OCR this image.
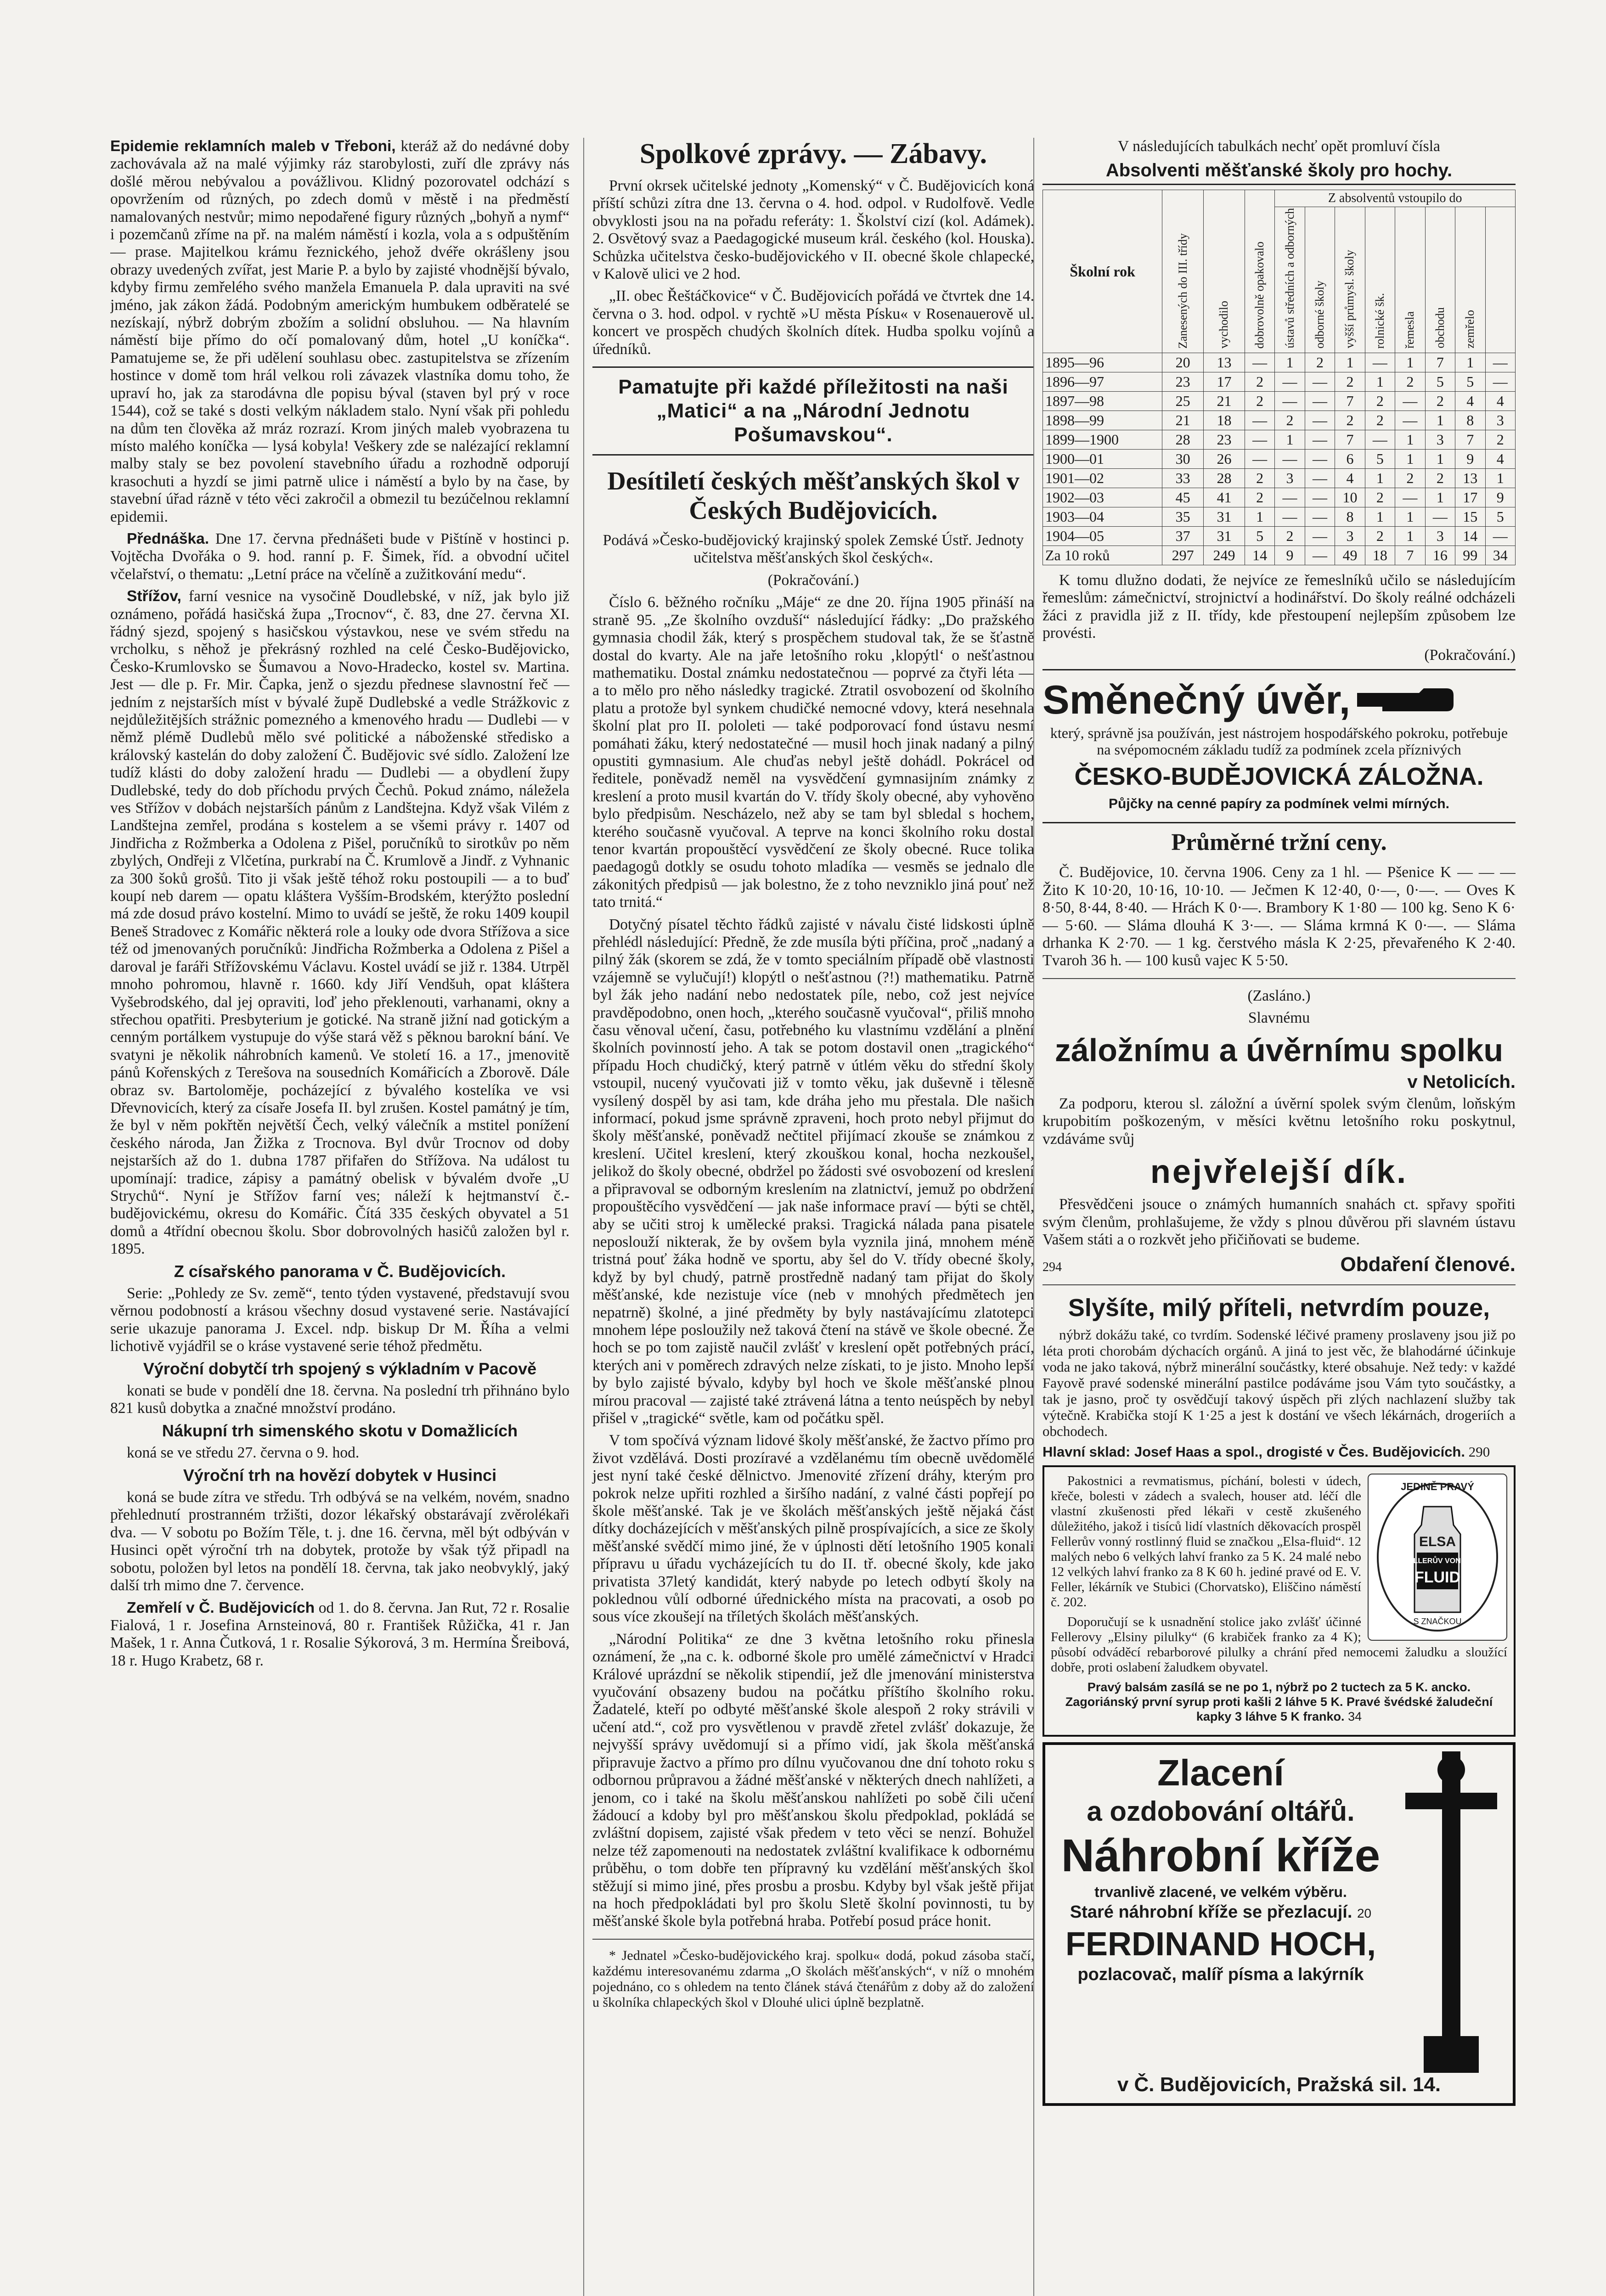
Epidemie reklamních maleb v Třeboni, kteráž až do nedávné doby zachovávala až na malé výjimky ráz starobylosti, zuří dle zprávy nás došlé měrou nebývalou a povážlivou. Klidný pozorovatel odchází s opovržením od různých, po zdech domů v městě i na předměstí namalovaných nestvůr; mimo nepodařené figury různých „bohyň a nymf“ i pozemčanů zříme na př. na malém náměstí i kozla, vola a s odpuštěním — prase. Majitelkou krámu řeznického, jehož dvéře okrášleny jsou obrazy uvedených zvířat, jest Marie P. a bylo by zajisté vhodnější bývalo, kdyby firmu zemřelého svého manžela Emanuela P. dala upraviti na své jméno, jak zákon žádá. Podobným americkým humbukem odběratelé se nezískají, nýbrž dobrým zbožím a solidní obsluhou. — Na hlavním náměstí bije přímo do očí pomalovaný dům, hotel „U koníčka“. Pamatujeme se, že při udělení souhlasu obec. zastupitelstva se zřízením hostince v domě tom hrál velkou roli závazek vlastníka domu toho, že upraví ho, jak za starodávna dle popisu býval (staven byl prý v roce 1544), což se také s dosti velkým nákladem stalo. Nyní však při pohledu na dům ten člověka až mráz rozrazí. Krom jiných maleb vyobrazena tu místo malého koníčka — lysá kobyla! Veškery zde se nalézající reklamní malby staly se bez povolení stavebního úřadu a rozhodně odporují krasochuti a hyzdí se jimi patrně ulice i náměstí a bylo by na čase, by stavební úřad rázně v této věci zakročil a obmezil tu bezúčelnou reklamní epidemii.

Přednáška. Dne 17. června přednášeti bude v Pištíně v hostinci p. Vojtěcha Dvořáka o 9. hod. ranní p. F. Šimek, říd. a obvodní učitel včelařství, o thematu: „Letní práce na včelíně a zužitkování medu“.

Střížov, farní vesnice na vysočině Doudlebské, v níž, jak bylo již oznámeno, pořádá hasičská župa „Trocnov“, č. 83, dne 27. června XI. řádný sjezd, spojený s hasičskou výstavkou, nese ve svém středu na vrcholku, s něhož je překrásný rozhled na celé Česko-Budějovicko, Česko-Krumlovsko se Šumavou a Novo-Hradecko, kostel sv. Martina. Jest — dle p. Fr. Mir. Čapka, jenž o sjezdu přednese slavnostní řeč — jedním z nejstarších míst v bývalé župě Dudlebské a vedle Strážkovic z nejdůležitějších strážnic pomezného a kmenového hradu — Dudlebi — v němž plémě Dudlebů mělo své politické a náboženské středisko a královský kastelán do doby založení Č. Budějovic své sídlo. Založení lze tudíž klásti do doby založení hradu — Dudlebi — a obydlení župy Dudlebské, tedy do dob příchodu prvých Čechů. Pokud známo, náležela ves Střížov v dobách nejstarších pánům z Landštejna. Když však Vilém z Landštejna zemřel, prodána s kostelem a se všemi právy r. 1407 od Jindřicha z Rožmberka a Odolena z Pišel, poručníků to sirotkův po něm zbylých, Ondřeji z Vlčetína, purkrabí na Č. Krumlově a Jindř. z Vyhnanic za 300 šoků grošů. Tito ji však ještě téhož roku postoupili — a to buď koupí neb darem — opatu kláštera Vyšším-Brodském, kterýžto poslední má zde dosud právo kostelní. Mimo to uvádí se ještě, že roku 1409 koupil Beneš Stradovec z Komářic některá role a louky ode dvora Střížova a sice též od jmenovaných poručníků: Jindřicha Rožmberka a Odolena z Pišel a daroval je faráři Střížovskému Václavu. Kostel uvádí se již r. 1384. Utrpěl mnoho pohromou, hlavně r. 1660. kdy Jiří Vendšuh, opat kláštera Vyšebrodského, dal jej opraviti, loď jeho překlenouti, varhanami, okny a střechou opatřiti. Presbyterium je gotické. Na straně jižní nad gotickým a cenným portálkem vystupuje do výše stará věž s pěknou barokní bání. Ve svatyni je několik náhrobních kamenů. Ve století 16. a 17., jmenovitě pánů Kořenských z Terešova na sousedních Komářicích a Zborově. Dále obraz sv. Bartoloměje, pocházející z bývalého kostelíka ve vsi Dřevnovicích, který za císaře Josefa II. byl zrušen. Kostel památný je tím, že byl v něm pokřtěn největší Čech, velký válečník a mstitel ponížení českého národa, Jan Žižka z Trocnova. Byl dvůr Trocnov od doby nejstarších až do 1. dubna 1787 přifařen do Střížova. Na událost tu upomínají: tradice, zápisy a památný obelisk v bývalém dvoře „U Strychů“. Nyní je Střížov farní ves; náleží k hejtmanství č.-budějovickému, okresu do Komářic. Čítá 335 českých obyvatel a 51 domů a 4třídní obecnou školu. Sbor dobrovolných hasičů založen byl r. 1895.

Z císařského panorama v Č. Budějovicích.

Serie: „Pohledy ze Sv. země“, tento týden vystavené, představují svou věrnou podobností a krásou všechny dosud vystavené serie. Nastávající serie ukazuje panorama J. Excel. ndp. biskup Dr M. Říha a velmi lichotivě vyjádřil se o kráse vystavené serie téhož předmětu.

Výroční dobytčí trh spojený s výkladním v Pacově

konati se bude v pondělí dne 18. června. Na poslední trh přihnáno bylo 821 kusů dobytka a značné množství prodáno.

Nákupní trh simenského skotu v Domažlicích

koná se ve středu 27. června o 9. hod.

Výroční trh na hovězí dobytek v Husinci

koná se bude zítra ve středu. Trh odbývá se na velkém, novém, snadno přehlednutí prostranném tržišti, dozor lékařský obstarávají zvěrolékaři dva. — V sobotu po Božím Těle, t. j. dne 16. června, měl být odbýván v Husinci opět výroční trh na dobytek, protože by však týž připadl na sobotu, položen byl letos na pondělí 18. června, tak jako neobvyklý, jaký další trh mimo dne 7. července.

Zemřelí v Č. Budějovicích od 1. do 8. června. Jan Rut, 72 r. Rosalie Fialová, 1 r. Josefina Arnsteinová, 80 r. František Růžička, 41 r. Jan Mašek, 1 r. Anna Čutková, 1 r. Rosalie Sýkorová, 3 m. Hermína Šreibová, 18 r. Hugo Krabetz, 68 r.

Spolkové zprávy. — Zábavy.

První okrsek učitelské jednoty „Komenský“ v Č. Budějovicích koná příští schůzi zítra dne 13. června o 4. hod. odpol. v Rudolfově. Vedle obvyklosti jsou na na pořadu referáty: 1. Školství cizí (kol. Adámek). 2. Osvětový svaz a Paedagogické museum král. českého (kol. Houska). Schůzka učitelstva česko-budějovického v II. obecné škole chlapecké, v Kalově ulici ve 2 hod.

„II. obec Řeštáčkovice“ v Č. Budějovicích pořádá ve čtvrtek dne 14. června o 3. hod. odpol. v rychtě »U města Písku« v Rosenauerově ul. koncert ve prospěch chudých školních dítek. Hudba spolku vojínů a úředníků.

Pamatujte při každé příležitosti na naši „Matici“ a na „Národní Jednotu Pošumavskou“.
Desítiletí českých měšťanských škol v Českých Budějovicích.

Podává »Česko-budějovický krajinský spolek Zemské Ústř. Jednoty učitelstva měšťanských škol českých«.

(Pokračování.)

Číslo 6. běžného ročníku „Máje“ ze dne 20. října 1905 přináší na straně 95. „Ze školního ovzduší“ následující řádky: „Do pražského gymnasia chodil žák, který s prospěchem studoval tak, že se šťastně dostal do kvarty. Ale na jaře letošního roku ‚klopýtl‘ o nešťastnou mathematiku. Dostal známku nedostatečnou — poprvé za čtyři léta — a to mělo pro něho následky tragické. Ztratil osvobození od školního platu a protože byl synkem chudičké nemocné vdovy, která nesehnala školní plat pro II. pololeti — také podporovací fond ústavu nesmí pomáhati žáku, který nedostatečné — musil hoch jinak nadaný a pilný opustiti gymnasium. Ale chuďas nebyl ještě dohádl. Pokrácel od ředitele, poněvadž neměl na vysvědčení gymnasijním známky z kreslení a proto musil kvartán do V. třídy školy obecné, aby vyhověno bylo předpisům. Nescházelo, než aby se tam byl sbledal s hochem, kterého současně vyučoval. A teprve na konci školního roku dostal tenor kvartán propouštěcí vysvědčení ze školy obecné. Ruce tolika paedagogů dotkly se osudu tohoto mladíka — vesměs se jednalo dle zákonitých předpisů — jak bolestno, že z toho nevzniklo jiná pouť než tato trnitá.“

Dotyčný písatel těchto řádků zajisté v návalu čisté lidskosti úplně přehlédl následující: Předně, že zde musíla býti příčina, proč „nadaný a pilný žák (skorem se zdá, že v tomto speciálním případě obě vlastnosti vzájemně se vylučují!) klopýtl o nešťastnou (?!) mathematiku. Patrně byl žák jeho nadání nebo nedostatek píle, nebo, což jest nejvíce pravděpodobno, onen hoch, „kterého současně vyučoval“, přiliš mnoho času věnoval učení, času, potřebného ku vlastnímu vzdělání a plnění školních povinností jeho. A tak se potom dostavil onen „tragického“ případu Hoch chudičký, který patrně v útlém věku do střední školy vstoupil, nucený vyučovati již v tomto věku, jak duševně i tělesně vysílený dospěl by asi tam, kde dráha jeho mu přestala. Dle našich informací, pokud jsme správně zpraveni, hoch proto nebyl přijmut do školy měšťanské, poněvadž nečtitel přijímací zkouše se známkou z kreslení. Učitel kreslení, který zkouškou konal, hocha nezkoušel, jelikož do školy obecné, obdržel po žádosti své osvobození od kreslení a připravoval se odborným kreslením na zlatnictví, jemuž po obdržení propouštěcího vysvědčení — jak naše informace praví — býti se chtěl, aby se učiti stroj k umělecké praksi. Tragická nálada pana pisatele neposlouží nikterak, že by ovšem byla vyznila jiná, mnohem méně tristná pouť žáka hodně ve sportu, aby šel do V. třídy obecné školy, když by byl chudý, patrně prostředně nadaný tam přijat do školy měšťanské, kde nezistuje více (neb v mnohých předmětech jen nepatrně) školné, a jiné předměty by byly nastávajícímu zlatotepci mnohem lépe posloužily než taková čtení na stávě ve škole obecné. Že hoch se po tom zajistě naučil zvlášť v kreslení opět potřebných prácí, kterých ani v poměrech zdravých nelze získati, to je jisto. Mnoho lepší by bylo zajisté bývalo, kdyby byl hoch ve škole měšťanské plnou mírou pracoval — zajisté také ztrávená látna a tento neúspěch by nebyl přišel v „tragické“ světle, kam od počátku spěl.

V tom spočívá význam lidové školy měšťanské, že žactvo přímo pro život vzdělává. Dosti prozíravé a vzdělanému tím obecně uvědomělé jest nyní také české dělnictvo. Jmenovité zřízení dráhy, kterým pro pokrok nelze upřiti rozhled a širšího nadání, z valné části popřejí po škole měšťanské. Tak je ve školách měšťanských ještě nějaká část dítky docházejících v měšťanských pilně prospívajících, a sice ze školy měšťanské svědčí mimo jiné, že v úplnosti dětí letošního 1905 konali přípravu u úřadu vycházejících tu do II. tř. obecné školy, kde jako privatista 37letý kandidát, který nabyde po letech odbytí školy na poklednou vůlí odborné úřednického místa na pracovati, a osob po sous více zkoušejí na tříletých školách měšťanských.

„Národní Politika“ ze dne 3 května letošního roku přinesla oznámení, že „na c. k. odborné škole pro umělé zámečnictví v Hradci Králové uprázdní se několik stipendií, jež dle jmenování ministerstva vyučování obsazeny budou na počátku příštího školního roku. Žadatelé, kteří po odbyté měšťanské škole alespoň 2 roky strávili v učení atd.“, což pro vysvětlenou v pravdě zřetel zvlášť dokazuje, že nejvyšší správy uvědomují si a přímo vidí, jak škola měšťanská připravuje žactvo a přímo pro dílnu vyučovanou dne dní tohoto roku s odbornou průpravou a žádné měšťanské v některých dnech nahlížeti, a jenom, co i také na školu měšťanskou nahlížeti po sobě čili učení žádoucí a kdoby byl pro měšťanskou školu předpoklad, pokládá se zvláštní dopisem, zajisté však předem v teto věci se nenzí. Bohužel nelze též zapomenouti na nedostatek zvláštní kvalifikace k odbornému průběhu, o tom dobře ten přípravný ku vzdělání měšťanských škol stěžují si mimo jiné, přes prosbu a prosbu. Kdyby byl však ještě přijat na hoch předpokládati byl pro školu Sletě školní povinnosti, tu by měšťanské škole byla potřebná hraba. Potřebí posud práce honit.

* Jednatel »Česko-budějovického kraj. spolku« dodá, pokud zásoba stačí, každému interesovanému zdarma „O školách měšťanských“, v níž o mnohém pojednáno, co s ohledem na tento článek stává čtenářům z doby až do založení u školníka chlapeckých škol v Dlouhé ulici úplně bezplatně.

V následujících tabulkách nechť opět promluví čísla

Absolventi měšťanské školy pro hochy.

Školní rok	Zanesených do III. třídy	vychodilo	dobrovolně opakovalo	Z absolventů vstoupilo do							
				ústavů středních a odborných	odborné školy	vyšší průmysl. školy	rolnické šk.	řemesla	obchodu	zemřelo	
1895—96	20	13	—	1	2	1	—	1	7	1	—
1896—97	23	17	2	—	—	2	1	2	5	5	—
1897—98	25	21	2	—	—	7	2	—	2	4	4
1898—99	21	18	—	2	—	2	2	—	1	8	3
1899—1900	28	23	—	1	—	7	—	1	3	7	2
1900—01	30	26	—	—	—	6	5	1	1	9	4
1901—02	33	28	2	3	—	4	1	2	2	13	1
1902—03	45	41	2	—	—	10	2	—	1	17	9
1903—04	35	31	1	—	—	8	1	1	—	15	5
1904—05	37	31	5	2	—	3	2	1	3	14	—
Za 10 roků	297	249	14	9	—	49	18	7	16	99	34

K tomu dlužno dodati, že nejvíce ze řemeslníků učilo se následujícím řemeslům: zámečnictví, strojnictví a hodinářství. Do školy reálné odcházeli žáci z pravidla již z II. třídy, kde přestoupení nejlepším způsobem lze provésti.

(Pokračování.)

Směnečný úvěr,

který, správně jsa používán, jest nástrojem hospodářského pokroku, potřebuje na svépomocném základu tudíž za podmínek zcela příznivých

ČESKO-BUDĚJOVICKÁ ZÁLOŽNA.

Půjčky na cenné papíry za podmínek velmi mírných.

Průměrné tržní ceny.

Č. Budějovice, 10. června 1906. Ceny za 1 hl. — Pšenice K — — — Žito K 10·20, 10·16, 10·10. — Ječmen K 12·40, 0·—, 0·—. — Oves K 8·50, 8·44, 8·40. — Hrách K 0·—. Brambory K 1·80 — 100 kg. Seno K 6·— 5·60. — Sláma dlouhá K 3·—. — Sláma krmná K 0·—. — Sláma drhanka K 2·70. — 1 kg. čerstvého másla K 2·25, převařeného K 2·40. Tvaroh 36 h. — 100 kusů vajec K 5·50.

(Zasláno.)

Slavnému

záložnímu a úvěrnímu spolku

v Netolicích.

Za podporu, kterou sl. záložní a úvěrní spolek svým členům, loňským krupobitím poškozeným, v měsíci květnu letošního roku poskytnul, vzdáváme svůj

nejvřelejší dík.

Přesvědčeni jsouce o známých humanních snahách ct. spřavy spořiti svým členům, prohlašujeme, že vždy s plnou důvěrou při slavném ústavu Vašem státi a o rozkvět jeho přičiňovati se budeme.

294	Obdaření členové.

Slyšíte, milý příteli, netvrdím pouze,

nýbrž dokážu také, co tvrdím. Sodenské léčivé prameny proslaveny jsou již po léta proti chorobám dýchacích orgánů. A jiná to jest věc, že blahodárné účinkuje voda ne jako taková, nýbrž minerální součástky, které obsahuje. Než tedy: v každé Fayově pravé sodenské minerální pastilce podáváme jsou Vám tyto součástky, a tak je jasno, proč ty osvědčují takový úspěch při zlých nachlazení služby tak výtečně. Krabička stojí K 1·25 a jest k dostání ve všech lékárnách, drogeriích a obchodech.

Hlavní sklad: Josef Haas a spol., drogisté v Čes. Budějovicích. 290

JEDINĚ PRAVÝ
ELSA
FELLERŮV VONNÝ
FLUID
S ZNAČKOU

Pakostnici a revmatismus, píchání, bolesti v údech, křeče, bolesti v zádech a svalech, houser atd. léčí dle vlastní zkušenosti před lékaři v cestě zkušeného důležitého, jakož i tisíců lidí vlastních děkovacích prospěl Fellerův vonný rostlinný fluid se značkou „Elsa-fluid“. 12 malých nebo 6 velkých lahví franko za 5 K. 24 malé nebo 12 velkých lahví franko za 8 K 60 h. jediné pravé od E. V. Feller, lékárník ve Stubici (Chorvatsko), Eliščino náměstí č. 202.

Doporučují se k usnadnění stolice jako zvlášť účinné Fellerovy „Elsiny pilulky“ (6 krabiček franko za 4 K); působí odváděcí rebarborové pilulky a chrání před nemocemi žaludku a sloužící dobře, proti oslabení žaludkem obyvatel.

Pravý balsám zasílá se ne po 1, nýbrž po 2 tuctech za 5 K. ancko. Zagoriánský první syrup proti kašli 2 láhve 5 K. Pravé švédské žaludeční kapky 3 láhve 5 K franko. 34

Zlacení
a ozdobování oltářů.
Náhrobní kříže
trvanlivě zlacené, ve velkém výběru.
Staré náhrobní kříže se přezlacují. 20
FERDINAND HOCH,
pozlacovač, malíř písma a lakýrník
v Č. Budějovicích, Pražská sil. 14.
